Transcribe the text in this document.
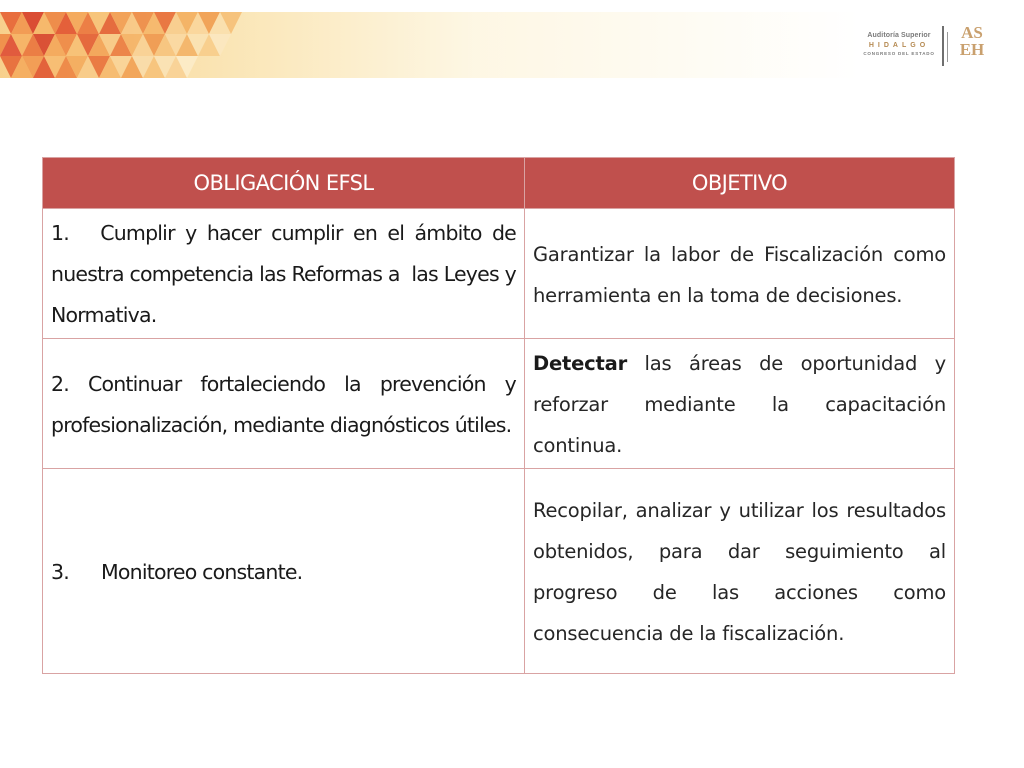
Auditoría Superior
HIDALGO
CONGRESO DEL ESTADO
AS
EH
OBLIGACIÓN EFSL	OBJETIVO

1.   Cumplir y hacer cumplir en el ámbito de nuestra competencia las Reformas a  las Leyes y Normativa.	Garantizar la labor de Fiscalización como herramienta en la toma de decisiones.

2. Continuar fortaleciendo la prevención y profesionalización, mediante diagnósticos útiles.	Detectar las áreas de oportunidad y reforzar mediante la capacitación continua.

3. Monitoreo constante.	Recopilar, analizar y utilizar los resultados obtenidos, para dar seguimiento al progreso de las acciones como consecuencia de la fiscalización.
